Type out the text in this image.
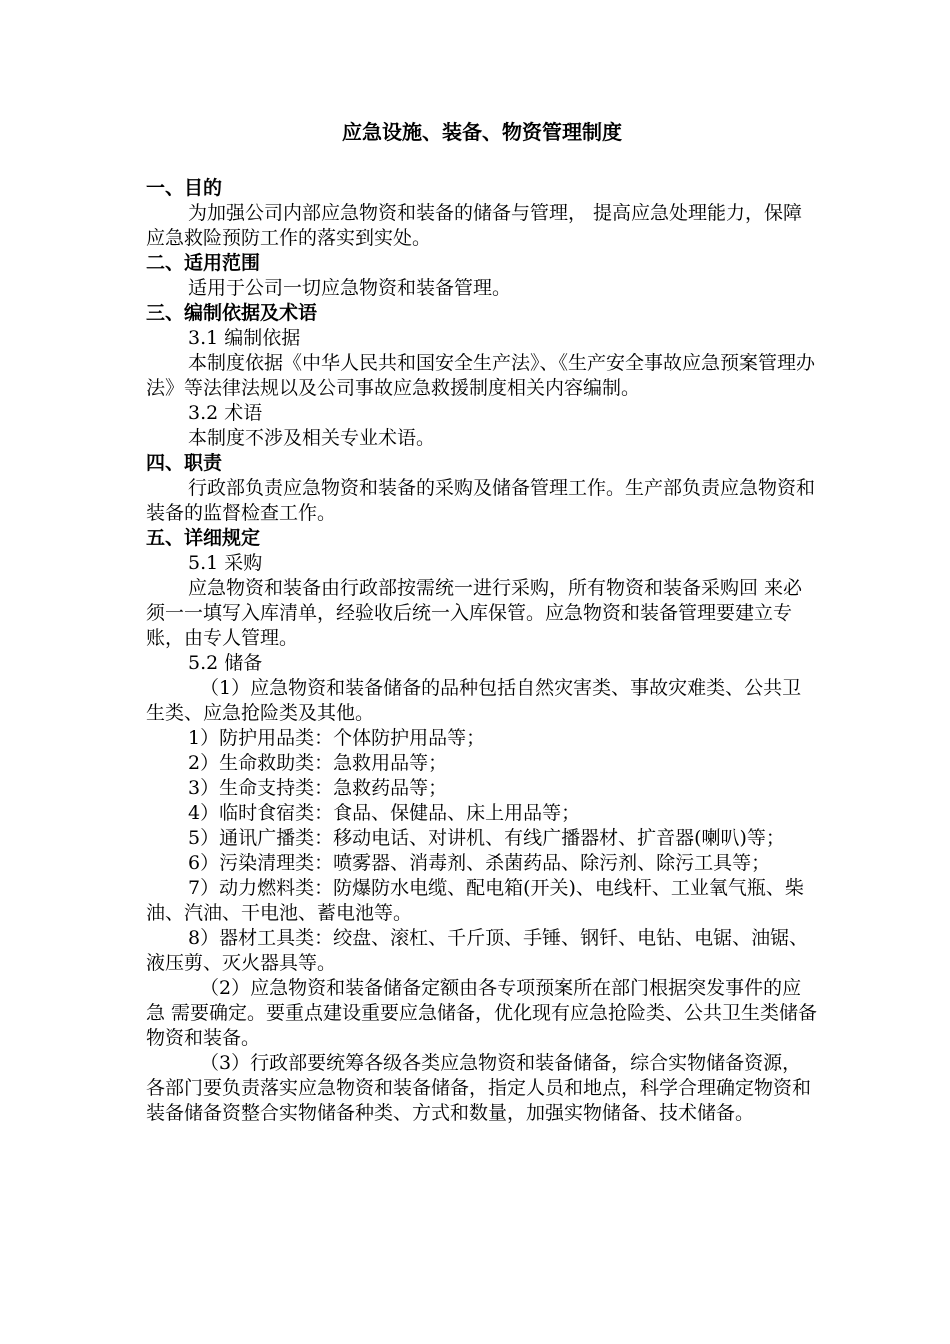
应急设施、装备、物资管理制度
一、目的
为加强公司内部应急物资和装备的储备与管理， 提高应急处理能力，保障应急救险预防工作的落实到实处。
二、适用范围
适用于公司一切应急物资和装备管理。
三、编制依据及术语
3.1 编制依据
本制度依据《中华人民共和国安全生产法》、《生产安全事故应急预案管理办法》等法律法规以及公司事故应急救援制度相关内容编制。
3.2 术语
本制度不涉及相关专业术语。
四、职责
行政部负责应急物资和装备的采购及储备管理工作。生产部负责应急物资和装备的监督检查工作。
五、详细规定
5.1 采购
应急物资和装备由行政部按需统一进行采购，所有物资和装备采购回 来必须一一填写入库清单，经验收后统一入库保管。应急物资和装备管理要建立专账，由专人管理。
5.2 储备
（1）应急物资和装备储备的品种包括自然灾害类、事故灾难类、公共卫生类、应急抢险类及其他。
1）防护用品类：个体防护用品等；
2）生命救助类：急救用品等；
3）生命支持类：急救药品等；
4）临时食宿类：食品、保健品、床上用品等；
5）通讯广播类：移动电话、对讲机、有线广播器材、扩音器(喇叭)等；
6）污染清理类：喷雾器、消毒剂、杀菌药品、除污剂、除污工具等；
7）动力燃料类：防爆防水电缆、配电箱(开关)、电线杆、工业氧气瓶、柴 油、汽油、干电池、蓄电池等。
8）器材工具类：绞盘、滚杠、千斤顶、手锤、钢钎、电钻、电锯、油锯、 液压剪、灭火器具等。
（2）应急物资和装备储备定额由各专项预案所在部门根据突发事件的应急 需要确定。要重点建设重要应急储备，优化现有应急抢险类、公共卫生类储备物资和装备。
（3）行政部要统筹各级各类应急物资和装备储备，综合实物储备资源，各部门要负责落实应急物资和装备储备，指定人员和地点，科学合理确定物资和装备储备资整合实物储备种类、方式和数量，加强实物储备、技术储备。
